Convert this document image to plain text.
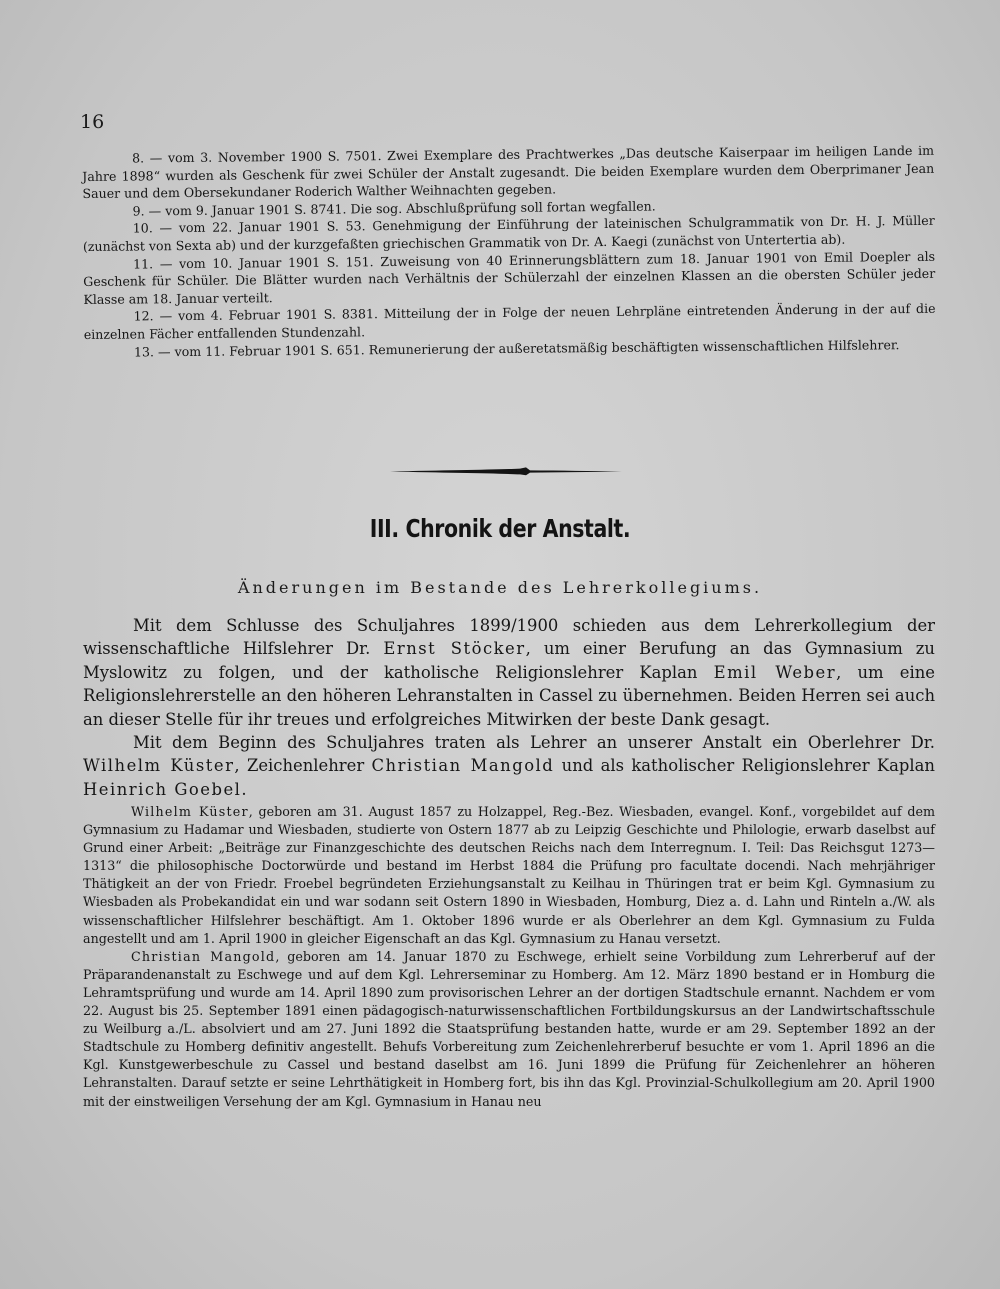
16

8. — vom 3. November 1900 S. 7501. Zwei Exemplare des Prachtwerkes „Das deutsche Kaiserpaar im heiligen Lande im Jahre 1898“ wurden als Geschenk für zwei Schüler der Anstalt zugesandt. Die beiden Exemplare wurden dem Oberprimaner Jean Sauer und dem Obersekundaner Roderich Walther Weihnachten gegeben.

9. — vom 9. Januar 1901 S. 8741. Die sog. Abschlußprüfung soll fortan wegfallen.

10. — vom 22. Januar 1901 S. 53. Genehmigung der Einführung der lateinischen Schulgrammatik von Dr. H. J. Müller (zunächst von Sexta ab) und der kurzgefaßten griechischen Grammatik von Dr. A. Kaegi (zunächst von Untertertia ab).

11. — vom 10. Januar 1901 S. 151. Zuweisung von 40 Erinnerungsblättern zum 18. Januar 1901 von Emil Doepler als Geschenk für Schüler. Die Blätter wurden nach Verhältnis der Schülerzahl der einzelnen Klassen an die obersten Schüler jeder Klasse am 18. Januar verteilt.

12. — vom 4. Februar 1901 S. 8381. Mitteilung der in Folge der neuen Lehrpläne eintretenden Änderung in der auf die einzelnen Fächer entfallenden Stundenzahl.

13. — vom 11. Februar 1901 S. 651. Remunerierung der außeretatsmäßig beschäftigten wissenschaftlichen Hilfslehrer.

III. Chronik der Anstalt.
Änderungen im Bestande des Lehrerkollegiums.

Mit dem Schlusse des Schuljahres 1899/1900 schieden aus dem Lehrerkollegium der wissenschaftliche Hilfslehrer Dr. Ernst Stöcker, um einer Berufung an das Gymnasium zu Myslowitz zu folgen, und der katholische Religionslehrer Kaplan Emil Weber, um eine Religionslehrerstelle an den höheren Lehranstalten in Cassel zu übernehmen. Beiden Herren sei auch an dieser Stelle für ihr treues und erfolgreiches Mitwirken der beste Dank gesagt.

Mit dem Beginn des Schuljahres traten als Lehrer an unserer Anstalt ein Oberlehrer Dr. Wilhelm Küster, Zeichenlehrer Christian Mangold und als katholischer Religionslehrer Kaplan Heinrich Goebel.

Wilhelm Küster, geboren am 31. August 1857 zu Holzappel, Reg.-Bez. Wiesbaden, evangel. Konf., vorgebildet auf dem Gymnasium zu Hadamar und Wiesbaden, studierte von Ostern 1877 ab zu Leipzig Geschichte und Philologie, erwarb daselbst auf Grund einer Arbeit: „Beiträge zur Finanzgeschichte des deutschen Reichs nach dem Interregnum. I. Teil: Das Reichsgut 1273—1313“ die philosophische Doctorwürde und bestand im Herbst 1884 die Prüfung pro facultate docendi. Nach mehrjähriger Thätigkeit an der von Friedr. Froebel begründeten Erziehungsanstalt zu Keilhau in Thüringen trat er beim Kgl. Gymnasium zu Wiesbaden als Probekandidat ein und war sodann seit Ostern 1890 in Wiesbaden, Homburg, Diez a. d. Lahn und Rinteln a./W. als wissenschaftlicher Hilfslehrer beschäftigt. Am 1. Oktober 1896 wurde er als Oberlehrer an dem Kgl. Gymnasium zu Fulda angestellt und am 1. April 1900 in gleicher Eigenschaft an das Kgl. Gymnasium zu Hanau versetzt.

Christian Mangold, geboren am 14. Januar 1870 zu Eschwege, erhielt seine Vorbildung zum Lehrerberuf auf der Präparandenanstalt zu Eschwege und auf dem Kgl. Lehrerseminar zu Homberg. Am 12. März 1890 bestand er in Homburg die Lehramtsprüfung und wurde am 14. April 1890 zum provisorischen Lehrer an der dortigen Stadtschule ernannt. Nachdem er vom 22. August bis 25. September 1891 einen pädagogisch-naturwissenschaftlichen Fortbildungskursus an der Landwirtschaftsschule zu Weilburg a./L. absolviert und am 27. Juni 1892 die Staatsprüfung bestanden hatte, wurde er am 29. September 1892 an der Stadtschule zu Homberg definitiv angestellt. Behufs Vorbereitung zum Zeichenlehrerberuf besuchte er vom 1. April 1896 an die Kgl. Kunstgewerbeschule zu Cassel und bestand daselbst am 16. Juni 1899 die Prüfung für Zeichenlehrer an höheren Lehranstalten. Darauf setzte er seine Lehrthätigkeit in Homberg fort, bis ihn das Kgl. Provinzial-Schulkollegium am 20. April 1900 mit der einstweiligen Versehung der am Kgl. Gymnasium in Hanau neu
